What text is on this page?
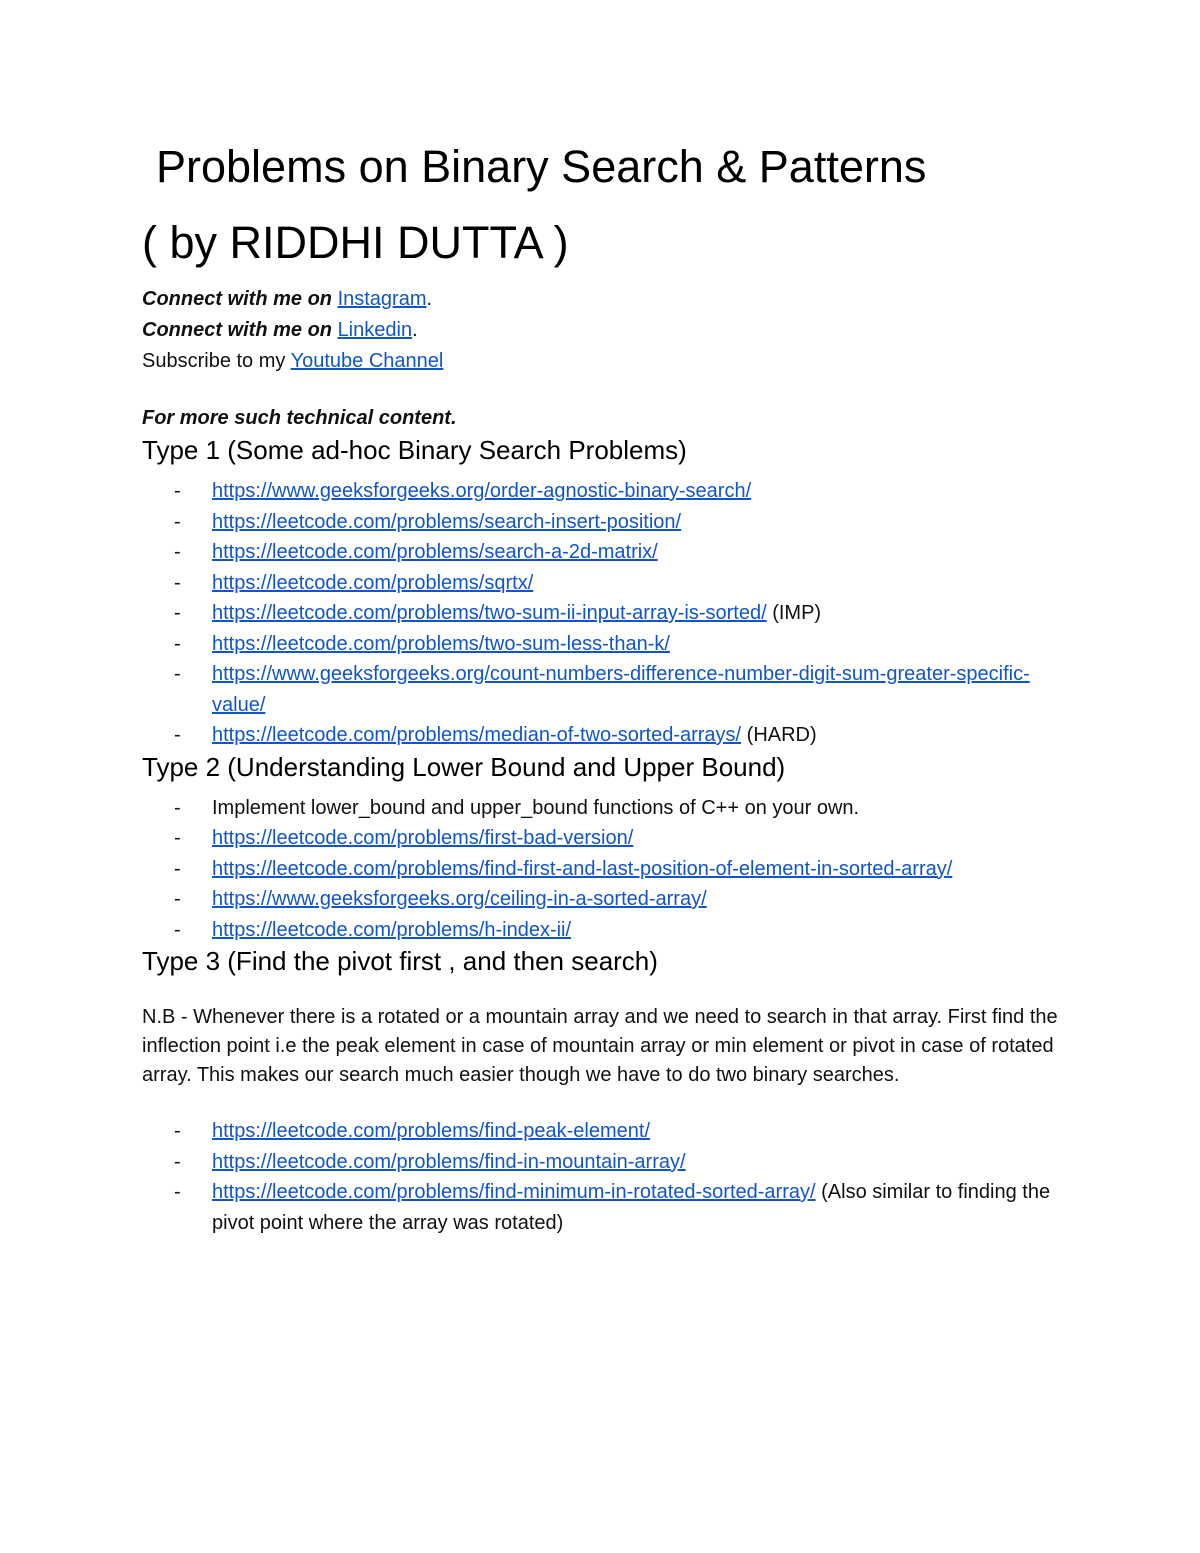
Problems on Binary Search & Patterns
( by RIDDHI DUTTA )

Connect with me on Instagram.

Connect with me on Linkedin.

Subscribe to my Youtube Channel

For more such technical content.

Type 1 (Some ad-hoc Binary Search Problems)
- https://www.geeksforgeeks.org/order-agnostic-binary-search/
- https://leetcode.com/problems/search-insert-position/
- https://leetcode.com/problems/search-a-2d-matrix/
- https://leetcode.com/problems/sqrtx/
- https://leetcode.com/problems/two-sum-ii-input-array-is-sorted/ (IMP)
- https://leetcode.com/problems/two-sum-less-than-k/
- https://www.geeksforgeeks.org/count-numbers-difference-number-digit-sum-greater-specific-value/
- https://leetcode.com/problems/median-of-two-sorted-arrays/ (HARD)
Type 2 (Understanding Lower Bound and Upper Bound)
- Implement lower_bound and upper_bound functions of C++ on your own.
- https://leetcode.com/problems/first-bad-version/
- https://leetcode.com/problems/find-first-and-last-position-of-element-in-sorted-array/
- https://www.geeksforgeeks.org/ceiling-in-a-sorted-array/
- https://leetcode.com/problems/h-index-ii/
Type 3 (Find the pivot first , and then search)

N.B - Whenever there is a rotated or a mountain array and we need to search in that array. First find the inflection point i.e the peak element in case of mountain array or min element or pivot in case of rotated array. This makes our search much easier though we have to do two binary searches.

- https://leetcode.com/problems/find-peak-element/
- https://leetcode.com/problems/find-in-mountain-array/
- https://leetcode.com/problems/find-minimum-in-rotated-sorted-array/ (Also similar to finding the pivot point where the array was rotated)
